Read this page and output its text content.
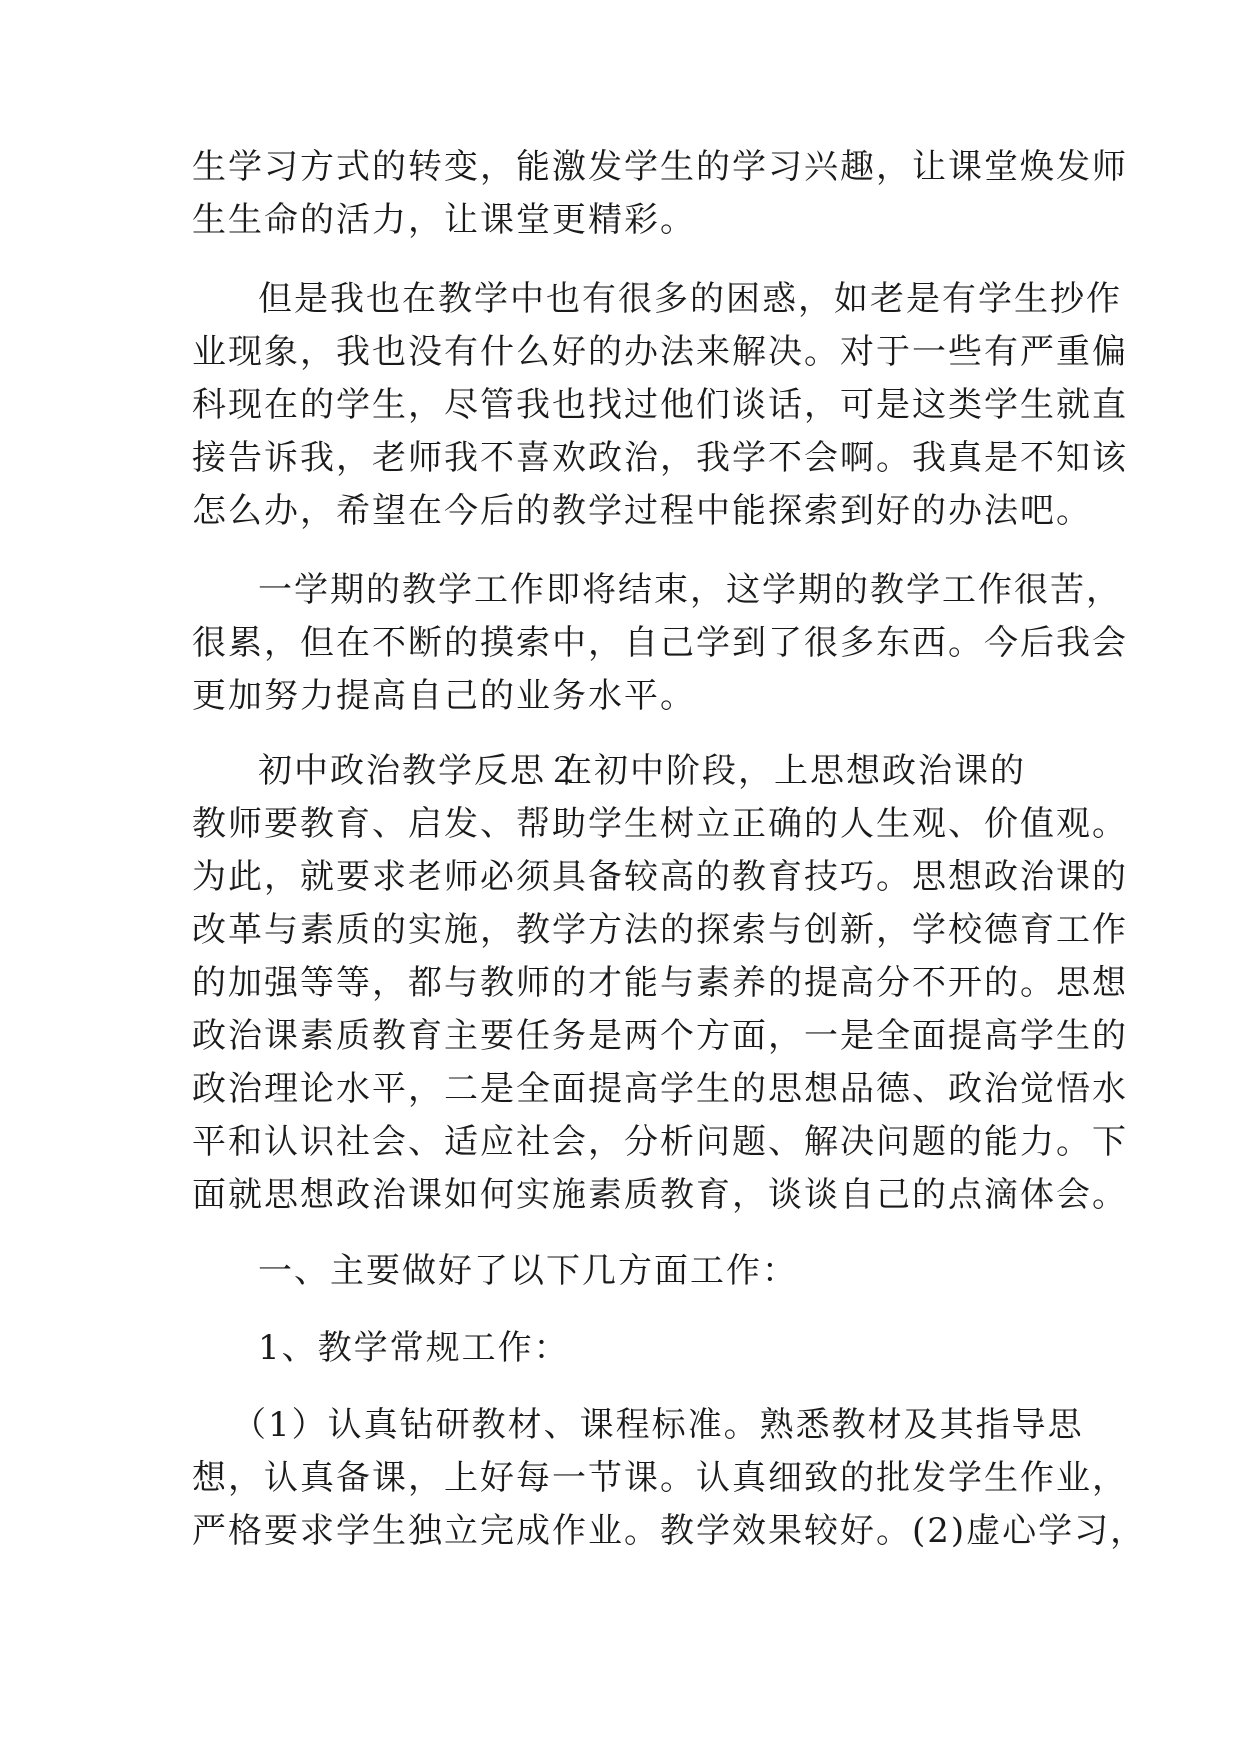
生学习方式的转变，能激发学生的学习兴趣，让课堂焕发师
生生命的活力，让课堂更精彩。
但是我也在教学中也有很多的困惑，如老是有学生抄作
业现象，我也没有什么好的办法来解决。对于一些有严重偏
科现在的学生，尽管我也找过他们谈话，可是这类学生就直
接告诉我，老师我不喜欢政治，我学不会啊。我真是不知该
怎么办，希望在今后的教学过程中能探索到好的办法吧。
一学期的教学工作即将结束，这学期的教学工作很苦，
很累，但在不断的摸索中，自己学到了很多东西。今后我会
更加努力提高自己的业务水平。
初中政治教学反思２在初中阶段，上思想政治课的
教师要教育、启发、帮助学生树立正确的人生观、价值观。
为此，就要求老师必须具备较高的教育技巧。思想政治课的
改革与素质的实施，教学方法的探索与创新，学校德育工作
的加强等等，都与教师的才能与素养的提高分不开的。思想
政治课素质教育主要任务是两个方面，一是全面提高学生的
政治理论水平，二是全面提高学生的思想品德、政治觉悟水
平和认识社会、适应社会，分析问题、解决问题的能力。下
面就思想政治课如何实施素质教育，谈谈自己的点滴体会。
一、主要做好了以下几方面工作：
1、教学常规工作：
（1）认真钻研教材、课程标准。熟悉教材及其指导思
想，认真备课，上好每一节课。认真细致的批发学生作业，
严格要求学生独立完成作业。教学效果较好。(2)虚心学习，
